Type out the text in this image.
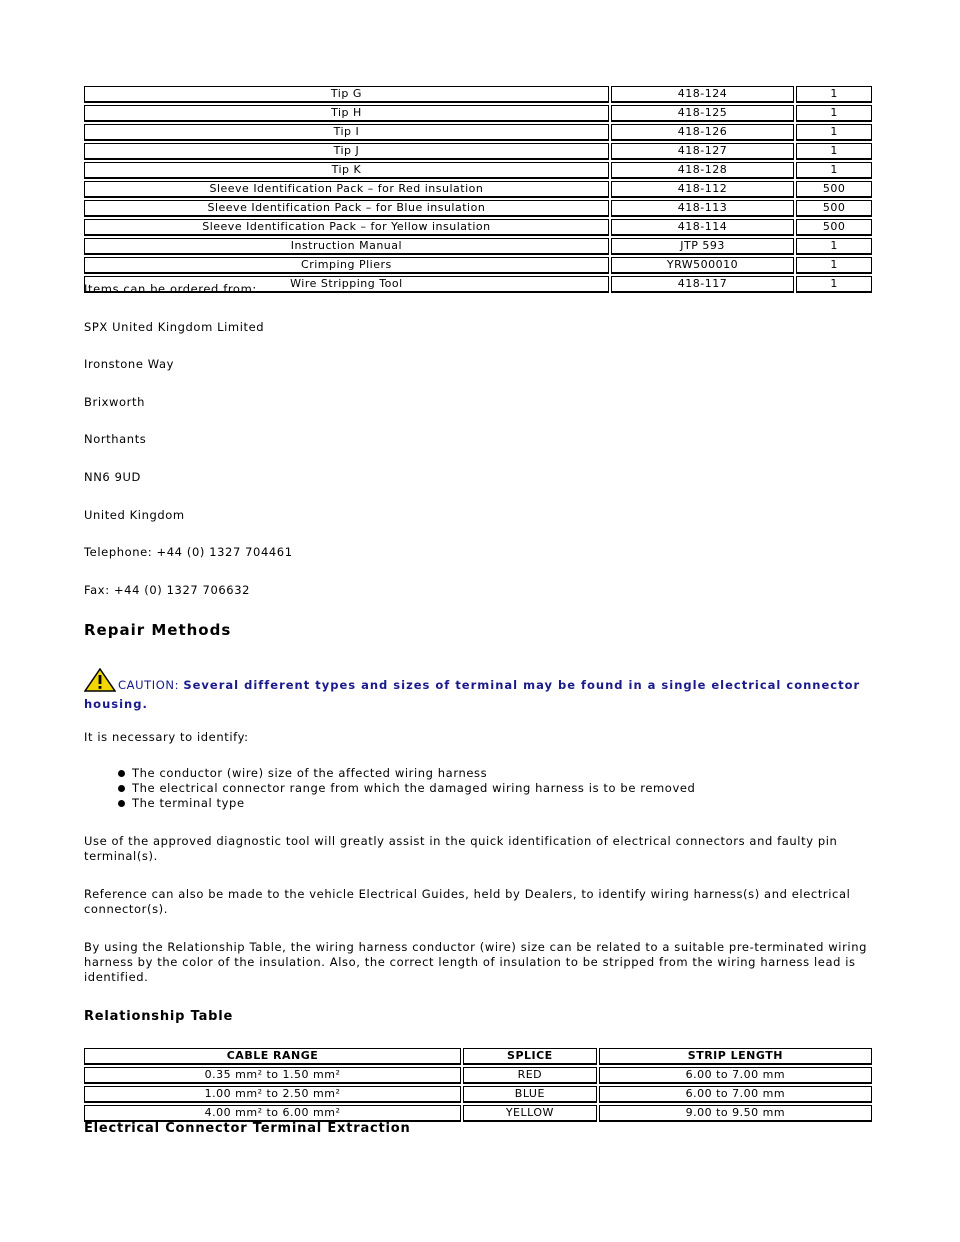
Tip G	418-124	1
Tip H	418-125	1
Tip I	418-126	1
Tip J	418-127	1
Tip K	418-128	1
Sleeve Identification Pack – for Red insulation	418-112	500
Sleeve Identification Pack – for Blue insulation	418-113	500
Sleeve Identification Pack – for Yellow insulation	418-114	500
Instruction Manual	JTP 593	1
Crimping Pliers	YRW500010	1
Wire Stripping Tool	418-117	1
Items can be ordered from:
SPX United Kingdom Limited
Ironstone Way
Brixworth
Northants
NN6 9UD
United Kingdom
Telephone: +44 (0) 1327 704461
Fax: +44 (0) 1327 706632
Repair Methods
CAUTION: Several different types and sizes of terminal may be found in a single electrical connector housing.
It is necessary to identify:
The conductor (wire) size of the affected wiring harness
The electrical connector range from which the damaged wiring harness is to be removed
The terminal type
Use of the approved diagnostic tool will greatly assist in the quick identification of electrical connectors and faulty pin terminal(s).
Reference can also be made to the vehicle Electrical Guides, held by Dealers, to identify wiring harness(s) and electrical connector(s).
By using the Relationship Table, the wiring harness conductor (wire) size can be related to a suitable pre-terminated wiring harness by the color of the insulation. Also, the correct length of insulation to be stripped from the wiring harness lead is identified.
Relationship Table
CABLE RANGE	SPLICE	STRIP LENGTH
0.35 mm² to 1.50 mm²	RED	6.00 to 7.00 mm
1.00 mm² to 2.50 mm²	BLUE	6.00 to 7.00 mm
4.00 mm² to 6.00 mm²	YELLOW	9.00 to 9.50 mm
Electrical Connector Terminal Extraction
